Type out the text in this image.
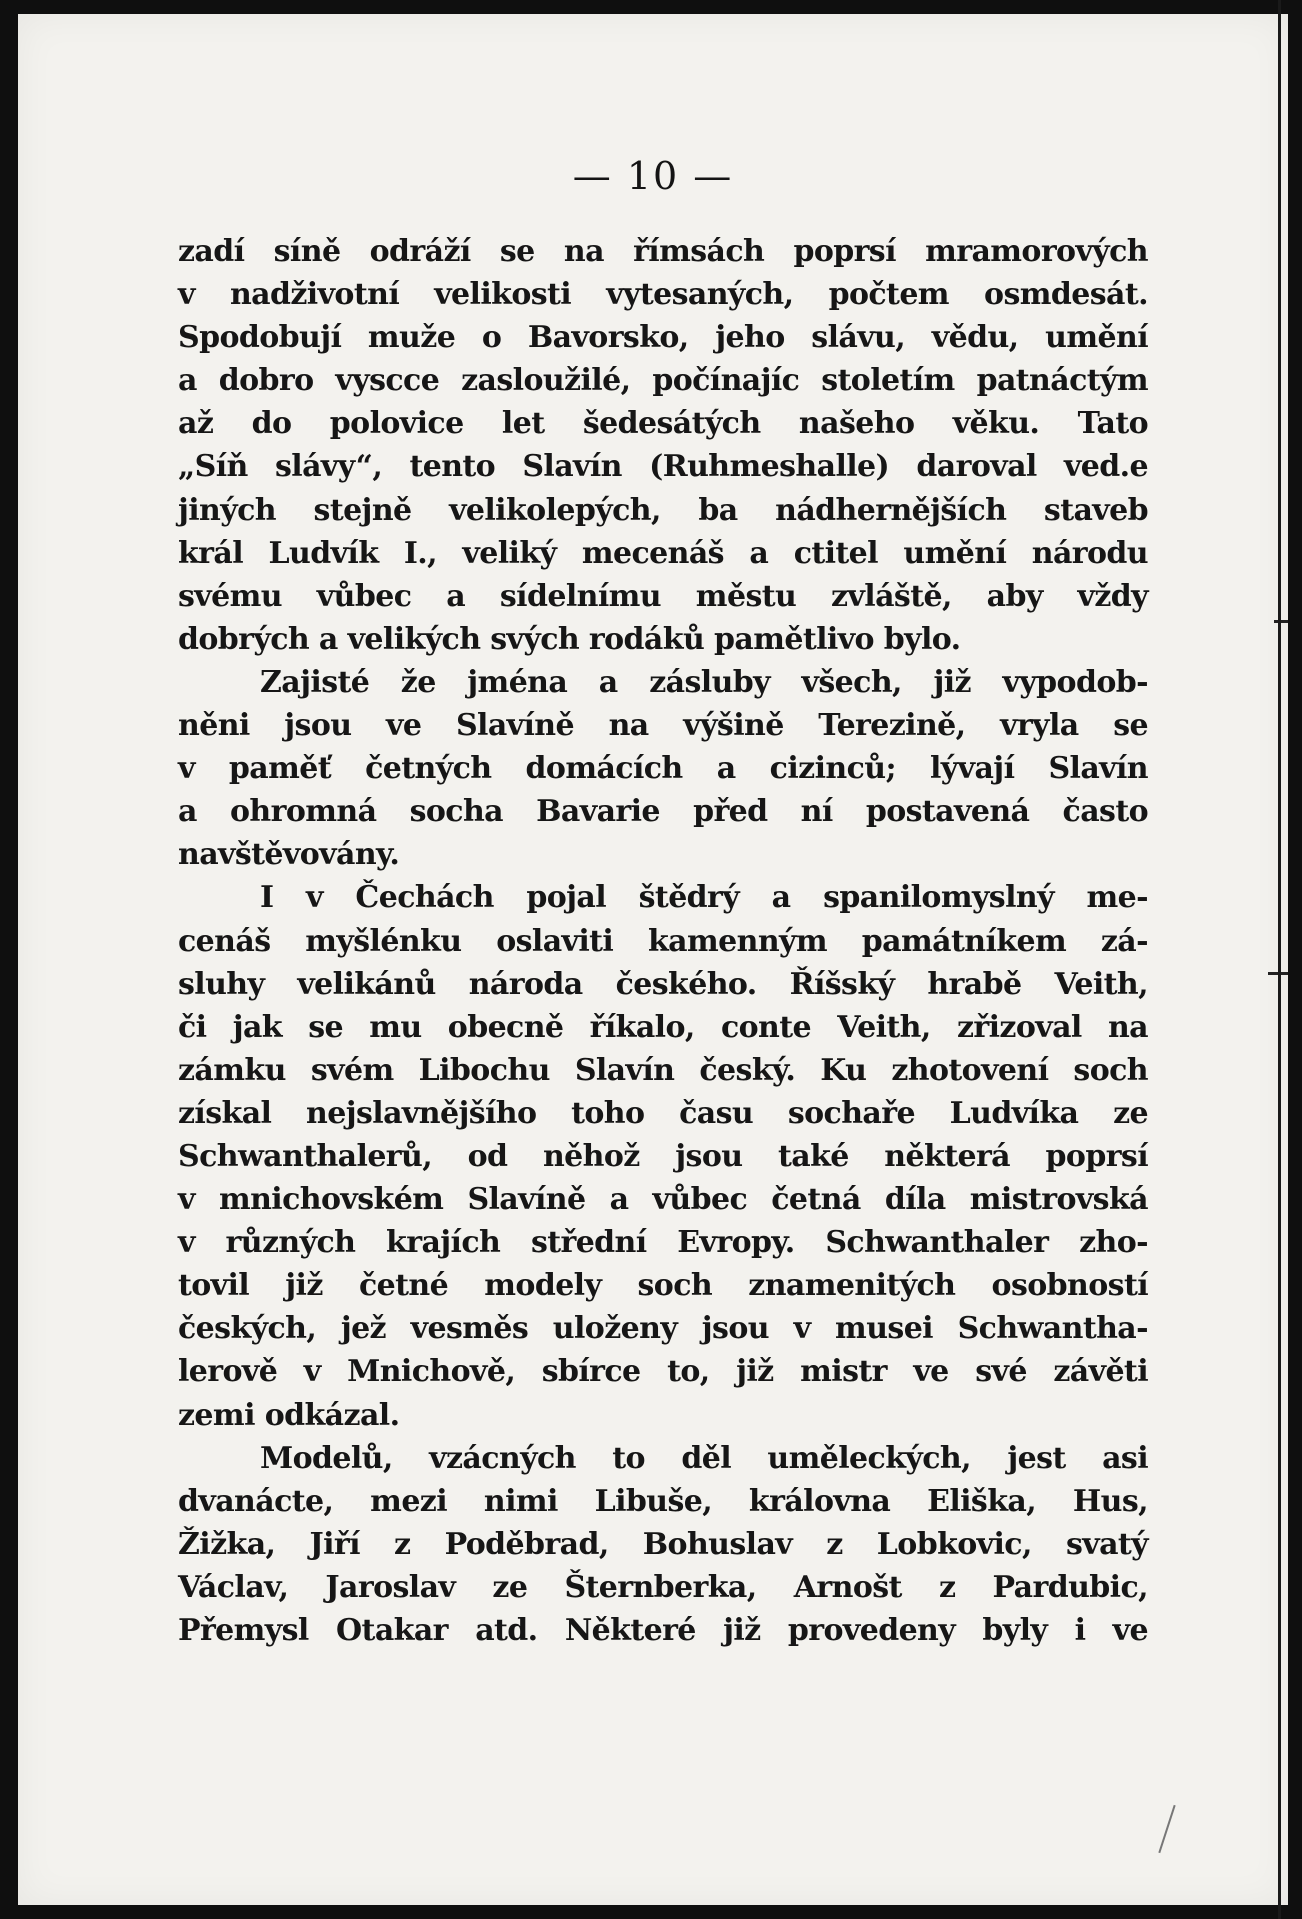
— 10 —
zadí síně odráží se na římsách poprsí mramorových
v nadživotní velikosti vytesaných, počtem osmdesát.
Spodobují muže o Bavorsko, jeho slávu, vědu, umění
a dobro vyscce zasloužilé, počínajíc stoletím patnáctým
až do polovice let šedesátých našeho věku. Tato
„Síň slávy“, tento Slavín (Ruhmeshalle) daroval ved.e
jiných stejně velikolepých, ba nádhernějších staveb
král Ludvík I., veliký mecenáš a ctitel umění národu
svému vůbec a sídelnímu městu zvláště, aby vždy
dobrých a velikých svých rodáků pamětlivo bylo.
Zajisté že jména a zásluby všech, již vypodob-
něni jsou ve Slavíně na výšině Terezině, vryla se
v paměť četných domácích a cizinců; lývají Slavín
a ohromná socha Bavarie před ní postavená často
navštěvovány.
I v Čechách pojal štědrý a spanilomyslný me-
cenáš myšlénku oslaviti kamenným památníkem zá-
sluhy velikánů národa českého. Říšský hrabě Veith,
či jak se mu obecně říkalo, conte Veith, zřizoval na
zámku svém Libochu Slavín český. Ku zhotovení soch
získal nejslavnějšího toho času sochaře Ludvíka ze
Schwanthalerů, od něhož jsou také některá poprsí
v mnichovském Slavíně a vůbec četná díla mistrovská
v různých krajích střední Evropy. Schwanthaler zho-
tovil již četné modely soch znamenitých osobností
českých, jež vesměs uloženy jsou v musei Schwantha-
lerově v Mnichově, sbírce to, již mistr ve své závěti
zemi odkázal.
Modelů, vzácných to děl uměleckých, jest asi
dvanácte, mezi nimi Libuše, královna Eliška, Hus,
Žižka, Jiří z Poděbrad, Bohuslav z Lobkovic, svatý
Václav, Jaroslav ze Šternberka, Arnošt z Pardubic,
Přemysl Otakar atd. Některé již provedeny byly i ve
